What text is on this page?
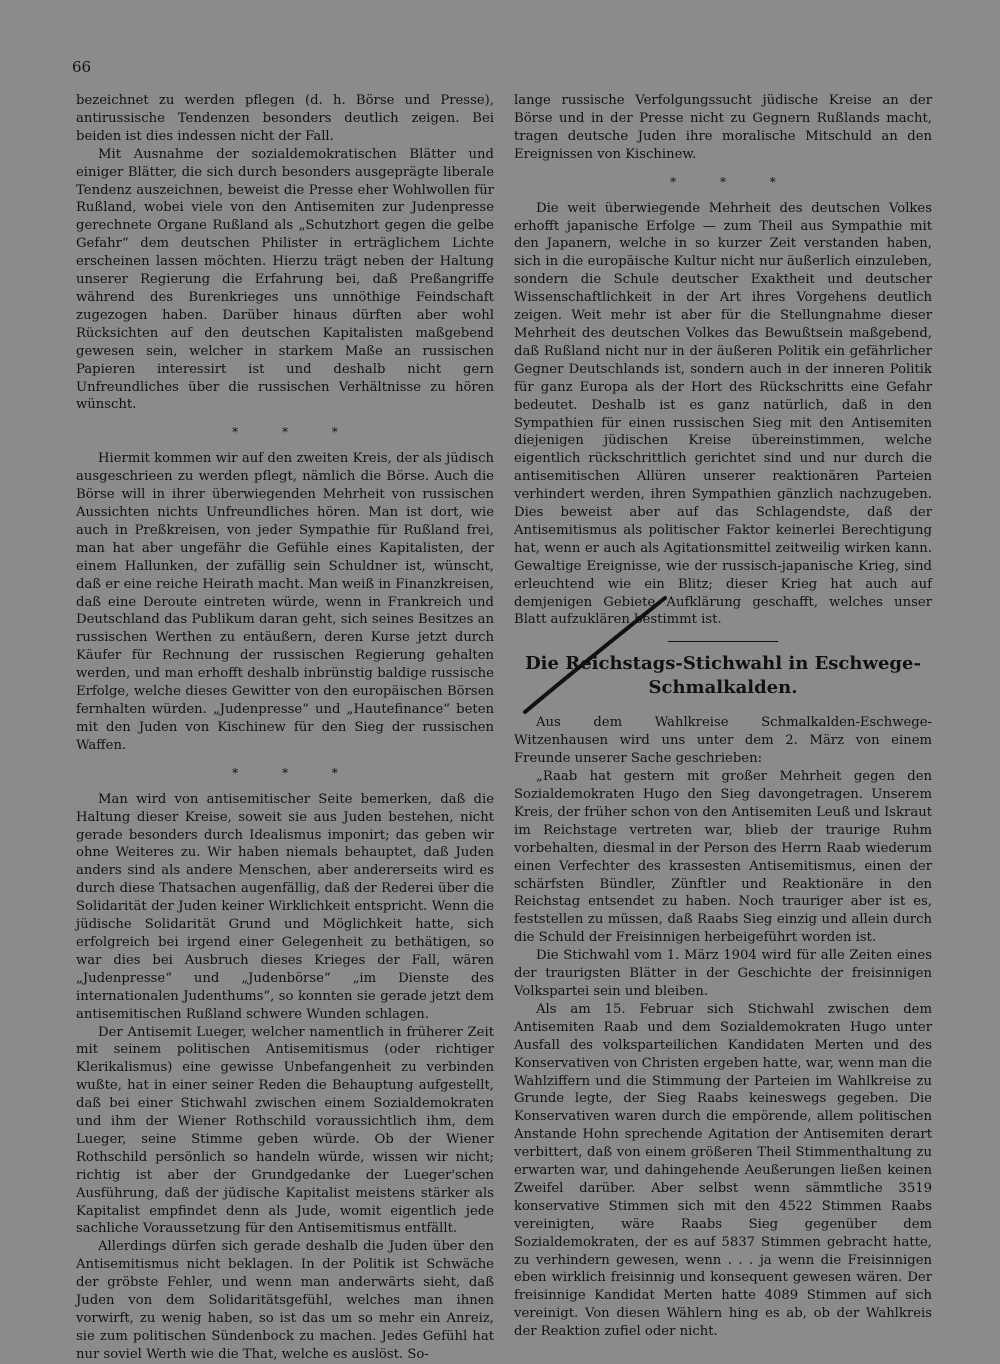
66

bezeichnet zu werden pflegen (d. h. Börse und Presse), antirussische Tendenzen besonders deutlich zeigen. Bei beiden ist dies indessen nicht der Fall.

Mit Ausnahme der sozialdemokratischen Blätter und einiger Blätter, die sich durch besonders ausgeprägte liberale Tendenz auszeichnen, beweist die Presse eher Wohlwollen für Rußland, wobei viele von den Antisemiten zur Judenpresse gerechnete Organe Rußland als „Schutzhort gegen die gelbe Gefahr“ dem deutschen Philister in erträglichem Lichte erscheinen lassen möchten. Hierzu trägt neben der Haltung unserer Regierung die Erfahrung bei, daß Preßangriffe während des Burenkrieges uns unnöthige Feindschaft zugezogen haben. Darüber hinaus dürften aber wohl Rücksichten auf den deutschen Kapitalisten maßgebend gewesen sein, welcher in starkem Maße an russischen Papieren interessirt ist und deshalb nicht gern Unfreundliches über die russischen Verhältnisse zu hören wünscht.

* * *

Hiermit kommen wir auf den zweiten Kreis, der als jüdisch ausgeschrieen zu werden pflegt, nämlich die Börse. Auch die Börse will in ihrer überwiegenden Mehrheit von russischen Aussichten nichts Unfreundliches hören. Man ist dort, wie auch in Preßkreisen, von jeder Sympathie für Rußland frei, man hat aber ungefähr die Gefühle eines Kapitalisten, der einem Hallunken, der zufällig sein Schuldner ist, wünscht, daß er eine reiche Heirath macht. Man weiß in Finanzkreisen, daß eine Deroute eintreten würde, wenn in Frankreich und Deutschland das Publikum daran geht, sich seines Besitzes an russischen Werthen zu entäußern, deren Kurse jetzt durch Käufer für Rechnung der russischen Regierung gehalten werden, und man erhofft deshalb inbrünstig baldige russische Erfolge, welche dieses Gewitter von den europäischen Börsen fernhalten würden. „Judenpresse“ und „Hautefinance“ beten mit den Juden von Kischinew für den Sieg der russischen Waffen.

* * *

Man wird von antisemitischer Seite bemerken, daß die Haltung dieser Kreise, soweit sie aus Juden bestehen, nicht gerade besonders durch Idealismus imponirt; das geben wir ohne Weiteres zu. Wir haben niemals behauptet, daß Juden anders sind als andere Menschen, aber andererseits wird es durch diese Thatsachen augenfällig, daß der Rederei über die Solidarität der Juden keiner Wirklichkeit entspricht. Wenn die jüdische Solidarität Grund und Möglichkeit hatte, sich erfolgreich bei irgend einer Gelegenheit zu bethätigen, so war dies bei Ausbruch dieses Krieges der Fall, wären „Judenpresse“ und „Judenbörse“ „im Dienste des internationalen Judenthums“, so konnten sie gerade jetzt dem antisemitischen Rußland schwere Wunden schlagen.

Der Antisemit Lueger, welcher namentlich in früherer Zeit mit seinem politischen Antisemitismus (oder richtiger Klerikalismus) eine gewisse Unbefangenheit zu verbinden wußte, hat in einer seiner Reden die Behauptung aufgestellt, daß bei einer Stichwahl zwischen einem Sozialdemokraten und ihm der Wiener Rothschild voraussichtlich ihm, dem Lueger, seine Stimme geben würde. Ob der Wiener Rothschild persönlich so handeln würde, wissen wir nicht; richtig ist aber der Grundgedanke der Lueger'schen Ausführung, daß der jüdische Kapitalist meistens stärker als Kapitalist empfindet denn als Jude, womit eigentlich jede sachliche Voraussetzung für den Antisemitismus entfällt.

Allerdings dürfen sich gerade deshalb die Juden über den Antisemitismus nicht beklagen. In der Politik ist Schwäche der gröbste Fehler, und wenn man anderwärts sieht, daß Juden von dem Solidaritätsgefühl, welches man ihnen vorwirft, zu wenig haben, so ist das um so mehr ein Anreiz, sie zum politischen Sündenbock zu machen. Jedes Gefühl hat nur soviel Werth wie die That, welche es auslöst. So-

lange russische Verfolgungssucht jüdische Kreise an der Börse und in der Presse nicht zu Gegnern Rußlands macht, tragen deutsche Juden ihre moralische Mitschuld an den Ereignissen von Kischinew.

* * *

Die weit überwiegende Mehrheit des deutschen Volkes erhofft japanische Erfolge — zum Theil aus Sympathie mit den Japanern, welche in so kurzer Zeit verstanden haben, sich in die europäische Kultur nicht nur äußerlich einzuleben, sondern die Schule deutscher Exaktheit und deutscher Wissenschaftlichkeit in der Art ihres Vorgehens deutlich zeigen. Weit mehr ist aber für die Stellungnahme dieser Mehrheit des deutschen Volkes das Bewußtsein maßgebend, daß Rußland nicht nur in der äußeren Politik ein gefährlicher Gegner Deutschlands ist, sondern auch in der inneren Politik für ganz Europa als der Hort des Rückschritts eine Gefahr bedeutet. Deshalb ist es ganz natürlich, daß in den Sympathien für einen russischen Sieg mit den Antisemiten diejenigen jüdischen Kreise übereinstimmen, welche eigentlich rückschrittlich gerichtet sind und nur durch die antisemitischen Allüren unserer reaktionären Parteien verhindert werden, ihren Sympathien gänzlich nachzugeben. Dies beweist aber auf das Schlagendste, daß der Antisemitismus als politischer Faktor keinerlei Berechtigung hat, wenn er auch als Agitationsmittel zeitweilig wirken kann. Gewaltige Ereignisse, wie der russisch-japanische Krieg, sind erleuchtend wie ein Blitz; dieser Krieg hat auch auf demjenigen Gebiete Aufklärung geschafft, welches unser Blatt aufzuklären bestimmt ist.

Die Reichstags-Stichwahl in Eschwege-
Schmalkalden.

Aus dem Wahlkreise Schmalkalden-Eschwege-Witzenhausen wird uns unter dem 2. März von einem Freunde unserer Sache geschrieben:

„Raab hat gestern mit großer Mehrheit gegen den Sozialdemokraten Hugo den Sieg davongetragen. Unserem Kreis, der früher schon von den Antisemiten Leuß und Iskraut im Reichstage vertreten war, blieb der traurige Ruhm vorbehalten, diesmal in der Person des Herrn Raab wiederum einen Verfechter des krassesten Antisemitismus, einen der schärfsten Bündler, Zünftler und Reaktionäre in den Reichstag entsendet zu haben. Noch trauriger aber ist es, feststellen zu müssen, daß Raabs Sieg einzig und allein durch die Schuld der Freisinnigen herbeigeführt worden ist.

Die Stichwahl vom 1. März 1904 wird für alle Zeiten eines der traurigsten Blätter in der Geschichte der freisinnigen Volkspartei sein und bleiben.

Als am 15. Februar sich Stichwahl zwischen dem Antisemiten Raab und dem Sozialdemokraten Hugo unter Ausfall des volksparteilichen Kandidaten Merten und des Konservativen von Christen ergeben hatte, war, wenn man die Wahlziffern und die Stimmung der Parteien im Wahlkreise zu Grunde legte, der Sieg Raabs keineswegs gegeben. Die Konservativen waren durch die empörende, allem politischen Anstande Hohn sprechende Agitation der Antisemiten derart verbittert, daß von einem größeren Theil Stimmenthaltung zu erwarten war, und dahingehende Aeußerungen ließen keinen Zweifel darüber. Aber selbst wenn sämmtliche 3519 konservative Stimmen sich mit den 4522 Stimmen Raabs vereinigten, wäre Raabs Sieg gegenüber dem Sozialdemokraten, der es auf 5837 Stimmen gebracht hatte, zu verhindern gewesen, wenn . . . ja wenn die Freisinnigen eben wirklich freisinnig und konsequent gewesen wären. Der freisinnige Kandidat Merten hatte 4089 Stimmen auf sich vereinigt. Von diesen Wählern hing es ab, ob der Wahlkreis der Reaktion zufiel oder nicht.
